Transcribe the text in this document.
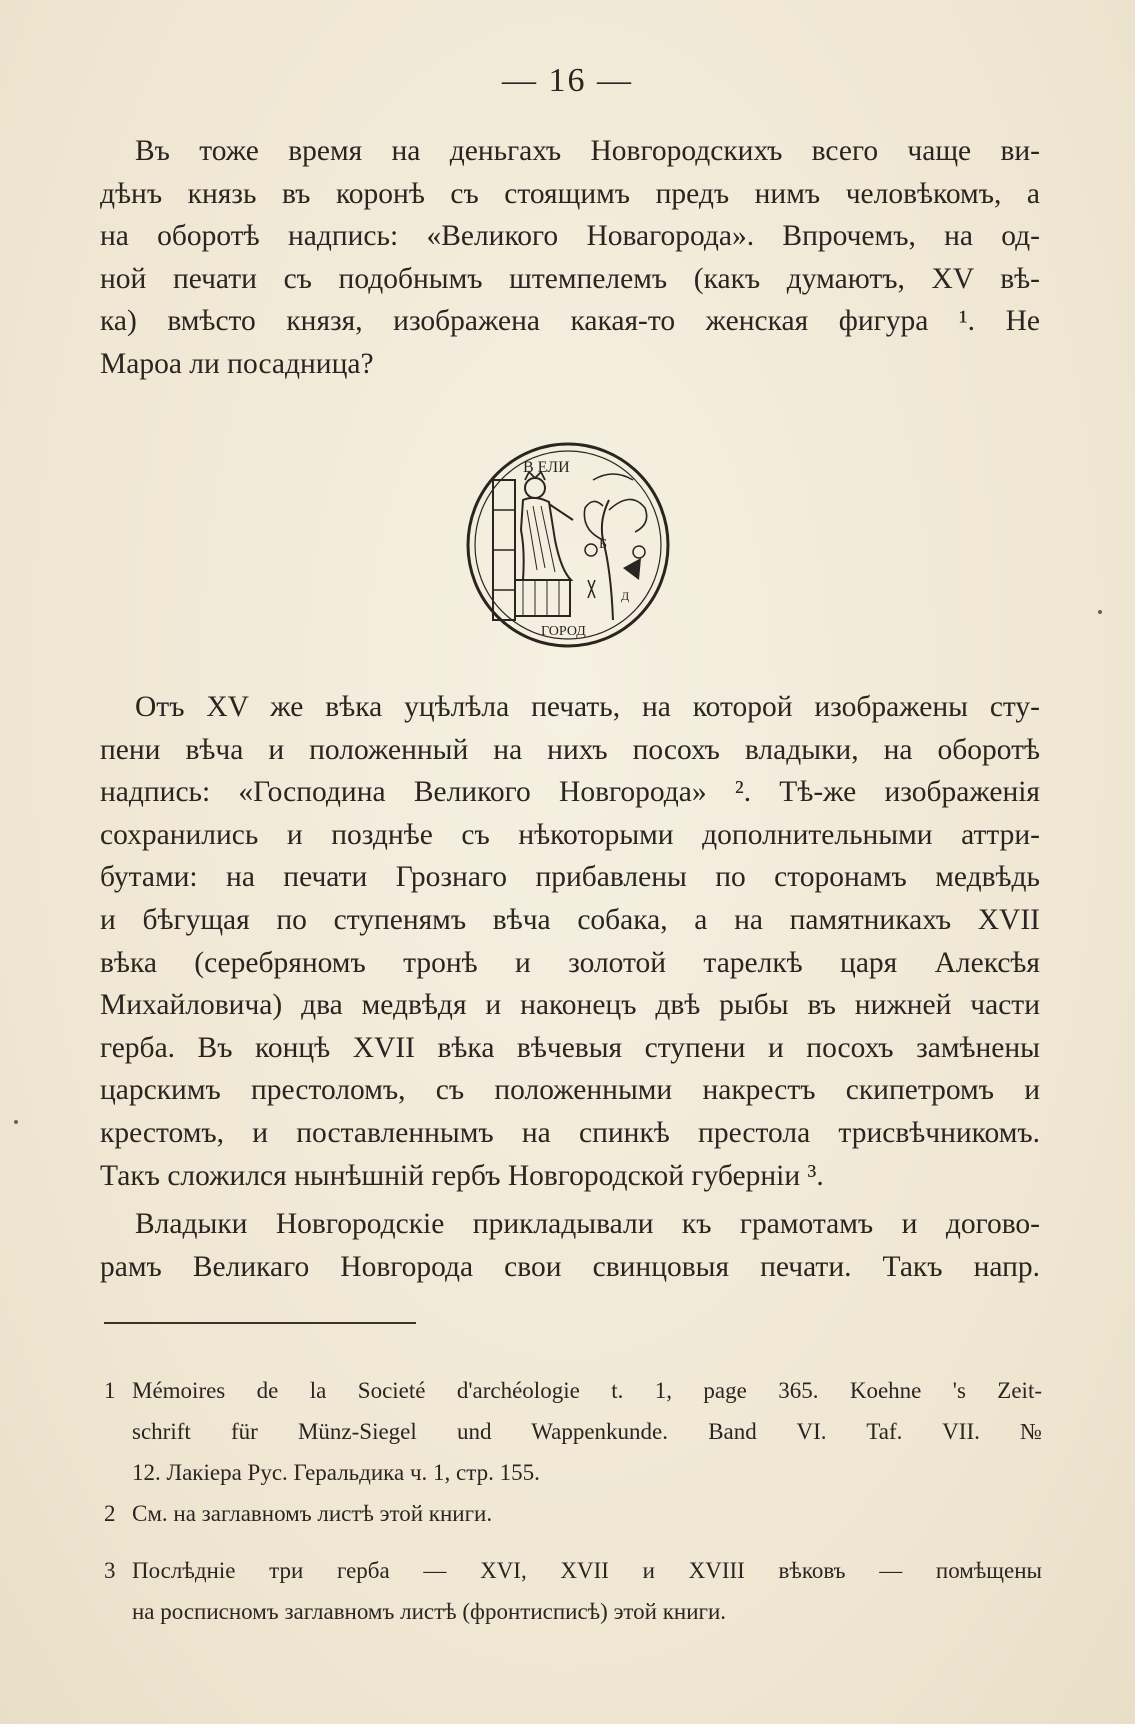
— 16 —
Въ тоже время на деньгахъ Новгородскихъ всего чаще ви-
дѣнъ князь въ коронѣ съ стоящимъ предъ нимъ человѣкомъ, а
на оборотѣ надпись: «Великого Новагорода». Впрочемъ, на од-
ной печати съ подобнымъ штемпелемъ (какъ думаютъ, XV вѣ-
ка) вмѣсто князя, изображена какая-то женская фигура ¹. Не
Мароа ли посадница?
В ЕЛИ
ГОРОД
Б
Д
Отъ XV же вѣка уцѣлѣла печать, на которой изображены сту-
пени вѣча и положенный на нихъ посохъ владыки, на оборотѣ
надпись: «Господина Великого Новгорода» ². Тѣ-же изображенія
сохранились и позднѣе съ нѣкоторыми дополнительными аттри-
бутами: на печати Грознаго прибавлены по сторонамъ медвѣдь
и бѣгущая по ступенямъ вѣча собака, а на памятникахъ XVII
вѣка (серебряномъ тронѣ и золотой тарелкѣ царя Алексѣя
Михайловича) два медвѣдя и наконецъ двѣ рыбы въ нижней части
герба. Въ концѣ XVII вѣка вѣчевыя ступени и посохъ замѣнены
царскимъ престоломъ, съ положенными накрестъ скипетромъ и
крестомъ, и поставленнымъ на спинкѣ престола трисвѣчникомъ.
Такъ сложился нынѣшній гербъ Новгородской губерніи ³.
Владыки Новгородскіе прикладывали къ грамотамъ и догово-
рамъ Великаго Новгорода свои свинцовыя печати. Такъ напр.
1 Mémoires de la Societé d'archéologie t. 1, page 365. Koehne 's Zeit-
schrift für Münz-Siegel und Wappenkunde. Band VI. Taf. VII. №
12. Лакіера Рус. Геральдика ч. 1, стр. 155.
2 См. на заглавномъ листѣ этой книги.
3 Послѣдніе три герба — XVI, XVII и XVIII вѣковъ — помѣщены
на росписномъ заглавномъ листѣ (фронтисписѣ) этой книги.
